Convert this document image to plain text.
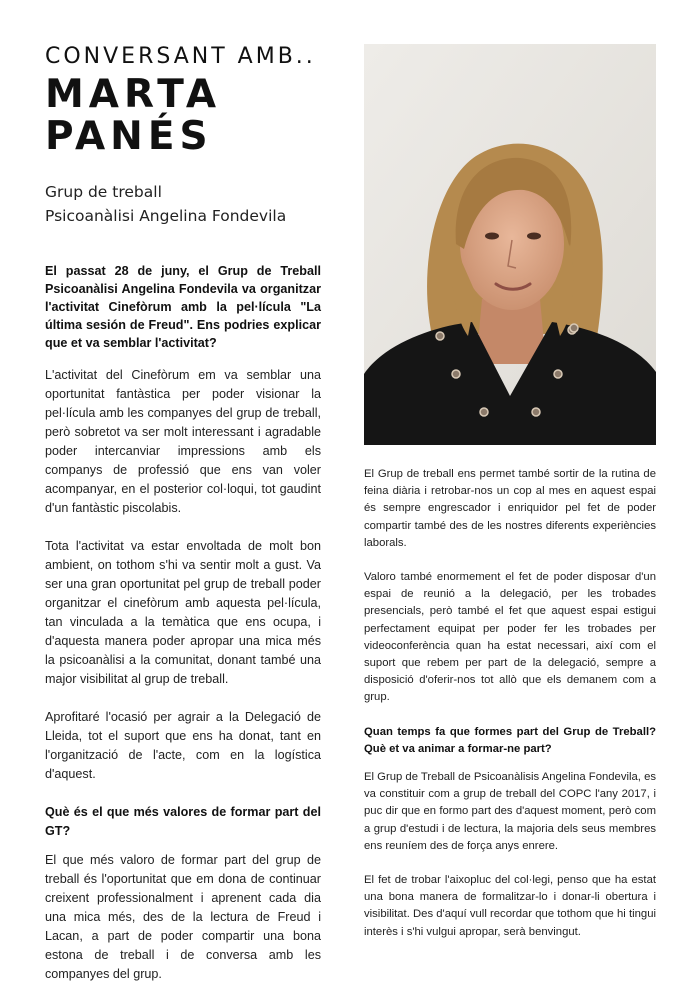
CONVERSANT AMB..
MARTA
PANÉS
Grup de treball
Psicoanàlisi Angelina Fondevila

El passat 28 de juny, el Grup de Treball Psicoanàlisi Angelina Fondevila va organitzar l'activitat Cinefòrum amb la pel·lícula "La última sesión de Freud". Ens podries explicar que et va semblar l'activitat?

L'activitat del Cinefòrum em va semblar una oportunitat fantàstica per poder visionar la pel·lícula amb les companyes del grup de treball, però sobretot va ser molt interessant i agradable poder intercanviar impressions amb els companys de professió que ens van voler acompanyar, en el posterior col·loqui, tot gaudint d'un fantàstic piscolabis.

Tota l'activitat va estar envoltada de molt bon ambient, on tothom s'hi va sentir molt a gust. Va ser una gran oportunitat pel grup de treball poder organitzar el cinefòrum amb aquesta pel·lícula, tan vinculada a la temàtica que ens ocupa, i d'aquesta manera poder apropar una mica més la psicoanàlisi a la comunitat, donant també una major visibilitat al grup de treball.

Aprofitaré l'ocasió per agrair a la Delegació de Lleida, tot el suport que ens ha donat, tant en l'organització de l'acte, com en la logística d'aquest.

Què és el que més valores de formar part del GT?

El que més valoro de formar part del grup de treball és l'oportunitat que em dona de continuar creixent professionalment i aprenent cada dia una mica més, des de la lectura de Freud i Lacan, a part de poder compartir una bona estona de treball i de conversa amb les companyes del grup.

El Grup de treball ens permet també sortir de la rutina de feina diària i retrobar-nos un cop al mes en aquest espai és sempre engrescador i enriquidor pel fet de poder compartir també des de les nostres diferents experiències laborals.

Valoro també enormement el fet de poder disposar d'un espai de reunió a la delegació, per les trobades presencials, però també el fet que aquest espai estigui perfectament equipat per poder fer les trobades per videoconferència quan ha estat necessari, així com el suport que rebem per part de la delegació, sempre a disposició d'oferir-nos tot allò que els demanem com a grup.

Quan temps fa que formes part del Grup de Treball? Què et va animar a formar-ne part?

El Grup de Treball de Psicoanàlisis Angelina Fondevila, es va constituir com a grup de treball del COPC l'any 2017, i puc dir que en formo part des d'aquest moment, però com a grup d'estudi i de lectura, la majoria dels seus membres ens reuníem des de força anys enrere.

El fet de trobar l'aixopluc del col·legi, penso que ha estat una bona manera de formalitzar-lo i donar-li obertura i visibilitat. Des d'aquí vull recordar que tothom que hi tingui interès i s'hi vulgui apropar, serà benvingut.
